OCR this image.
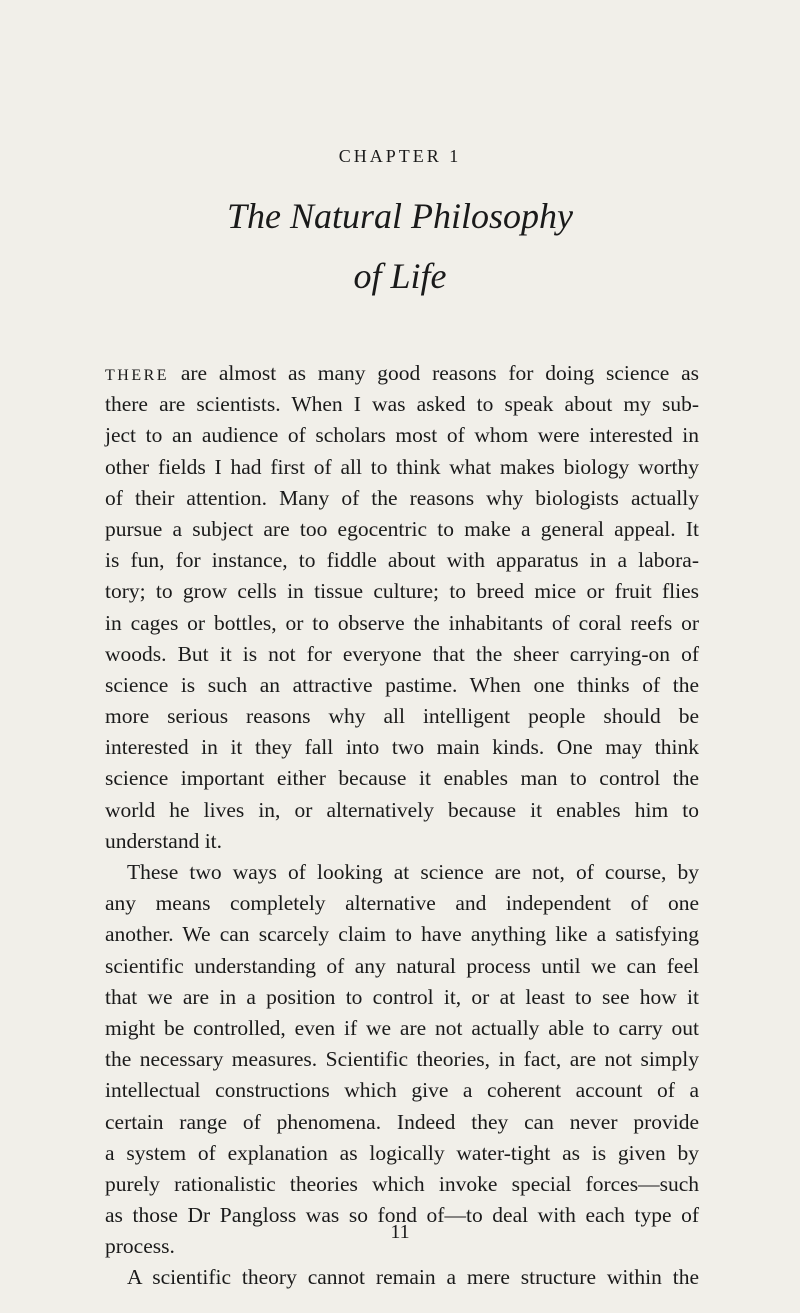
CHAPTER 1
The Natural Philosophy
of Life
THERE are almost as many good reasons for doing science as
there are scientists. When I was asked to speak about my sub-
ject to an audience of scholars most of whom were interested in
other fields I had first of all to think what makes biology worthy
of their attention. Many of the reasons why biologists actually
pursue a subject are too egocentric to make a general appeal. It
is fun, for instance, to fiddle about with apparatus in a labora-
tory; to grow cells in tissue culture; to breed mice or fruit flies
in cages or bottles, or to observe the inhabitants of coral reefs or
woods. But it is not for everyone that the sheer carrying-on of
science is such an attractive pastime. When one thinks of the
more serious reasons why all intelligent people should be
interested in it they fall into two main kinds. One may think
science important either because it enables man to control the
world he lives in, or alternatively because it enables him to
understand it.
These two ways of looking at science are not, of course, by
any means completely alternative and independent of one
another. We can scarcely claim to have anything like a satisfying
scientific understanding of any natural process until we can feel
that we are in a position to control it, or at least to see how it
might be controlled, even if we are not actually able to carry out
the necessary measures. Scientific theories, in fact, are not simply
intellectual constructions which give a coherent account of a
certain range of phenomena. Indeed they can never provide
a system of explanation as logically water-tight as is given by
purely rationalistic theories which invoke special forces—such
as those Dr Pangloss was so fond of—to deal with each type of
process.
A scientific theory cannot remain a mere structure within the
11
